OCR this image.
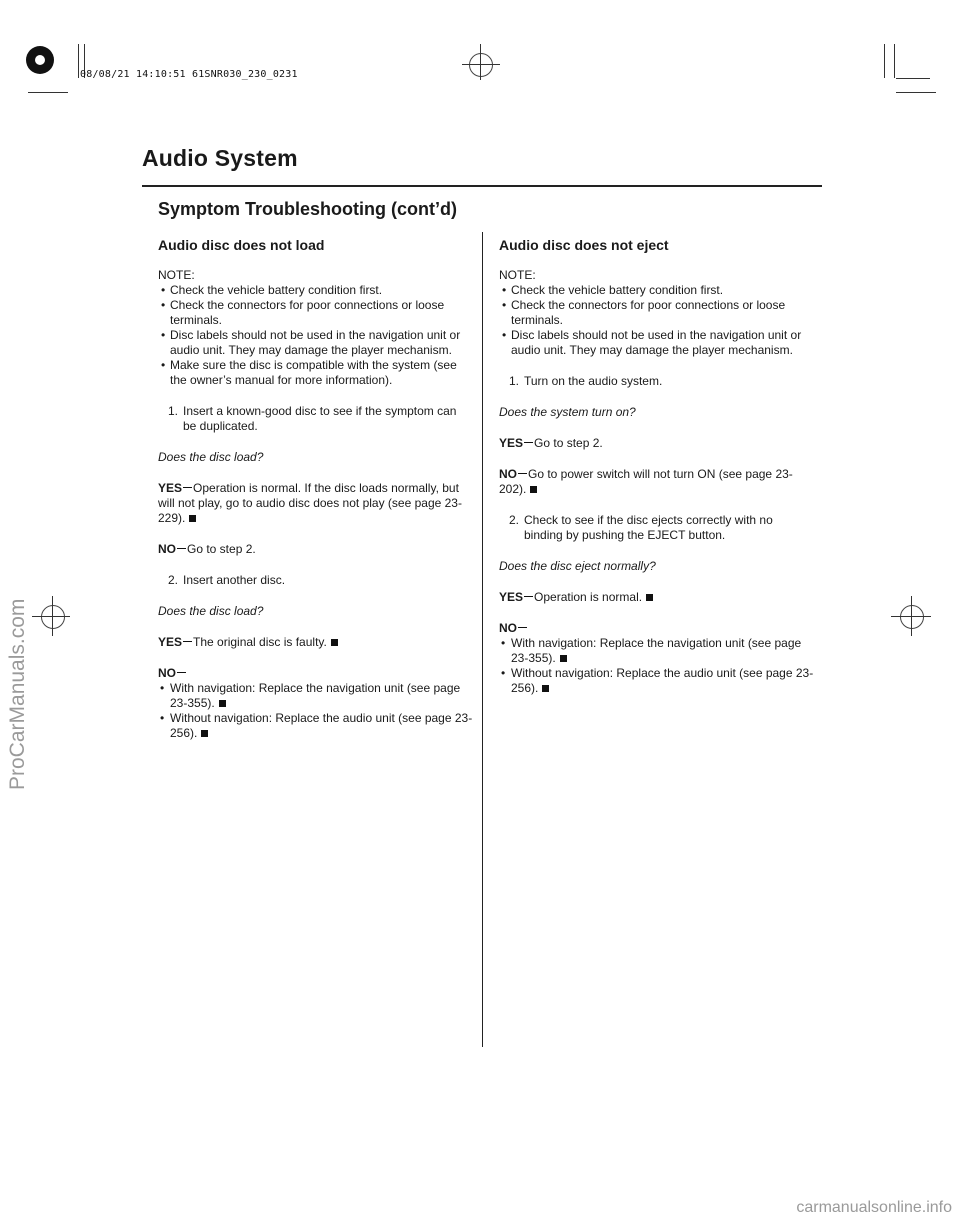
08/08/21 14:10:51 61SNR030_230_0231
Audio System
Symptom Troubleshooting (cont’d)
Audio disc does not load

NOTE:

• Check the vehicle battery condition first.
• Check the connectors for poor connections or loose terminals.
• Disc labels should not be used in the navigation unit or audio unit. They may damage the player mechanism.
• Make sure the disc is compatible with the system (see the owner’s manual for more information).
1. Insert a known-good disc to see if the symptom can be duplicated.

Does the disc load?

YES Operation is normal. If the disc loads normally, but will not play, go to audio disc does not play (see page 23-229).

NO Go to step 2.

2. Insert another disc.

Does the disc load?

YES The original disc is faulty.

NO

• With navigation: Replace the navigation unit (see page 23-355).
• Without navigation: Replace the audio unit (see page 23-256).
Audio disc does not eject

NOTE:

• Check the vehicle battery condition first.
• Check the connectors for poor connections or loose terminals.
• Disc labels should not be used in the navigation unit or audio unit. They may damage the player mechanism.
1. Turn on the audio system.

Does the system turn on?

YES Go to step 2.

NO Go to power switch will not turn ON (see page 23-202).

2. Check to see if the disc ejects correctly with no binding by pushing the EJECT button.

Does the disc eject normally?

YES Operation is normal.

NO

• With navigation: Replace the navigation unit (see page 23-355).
• Without navigation: Replace the audio unit (see page 23-256).
ProCarManuals.com
carmanualsonline.info
